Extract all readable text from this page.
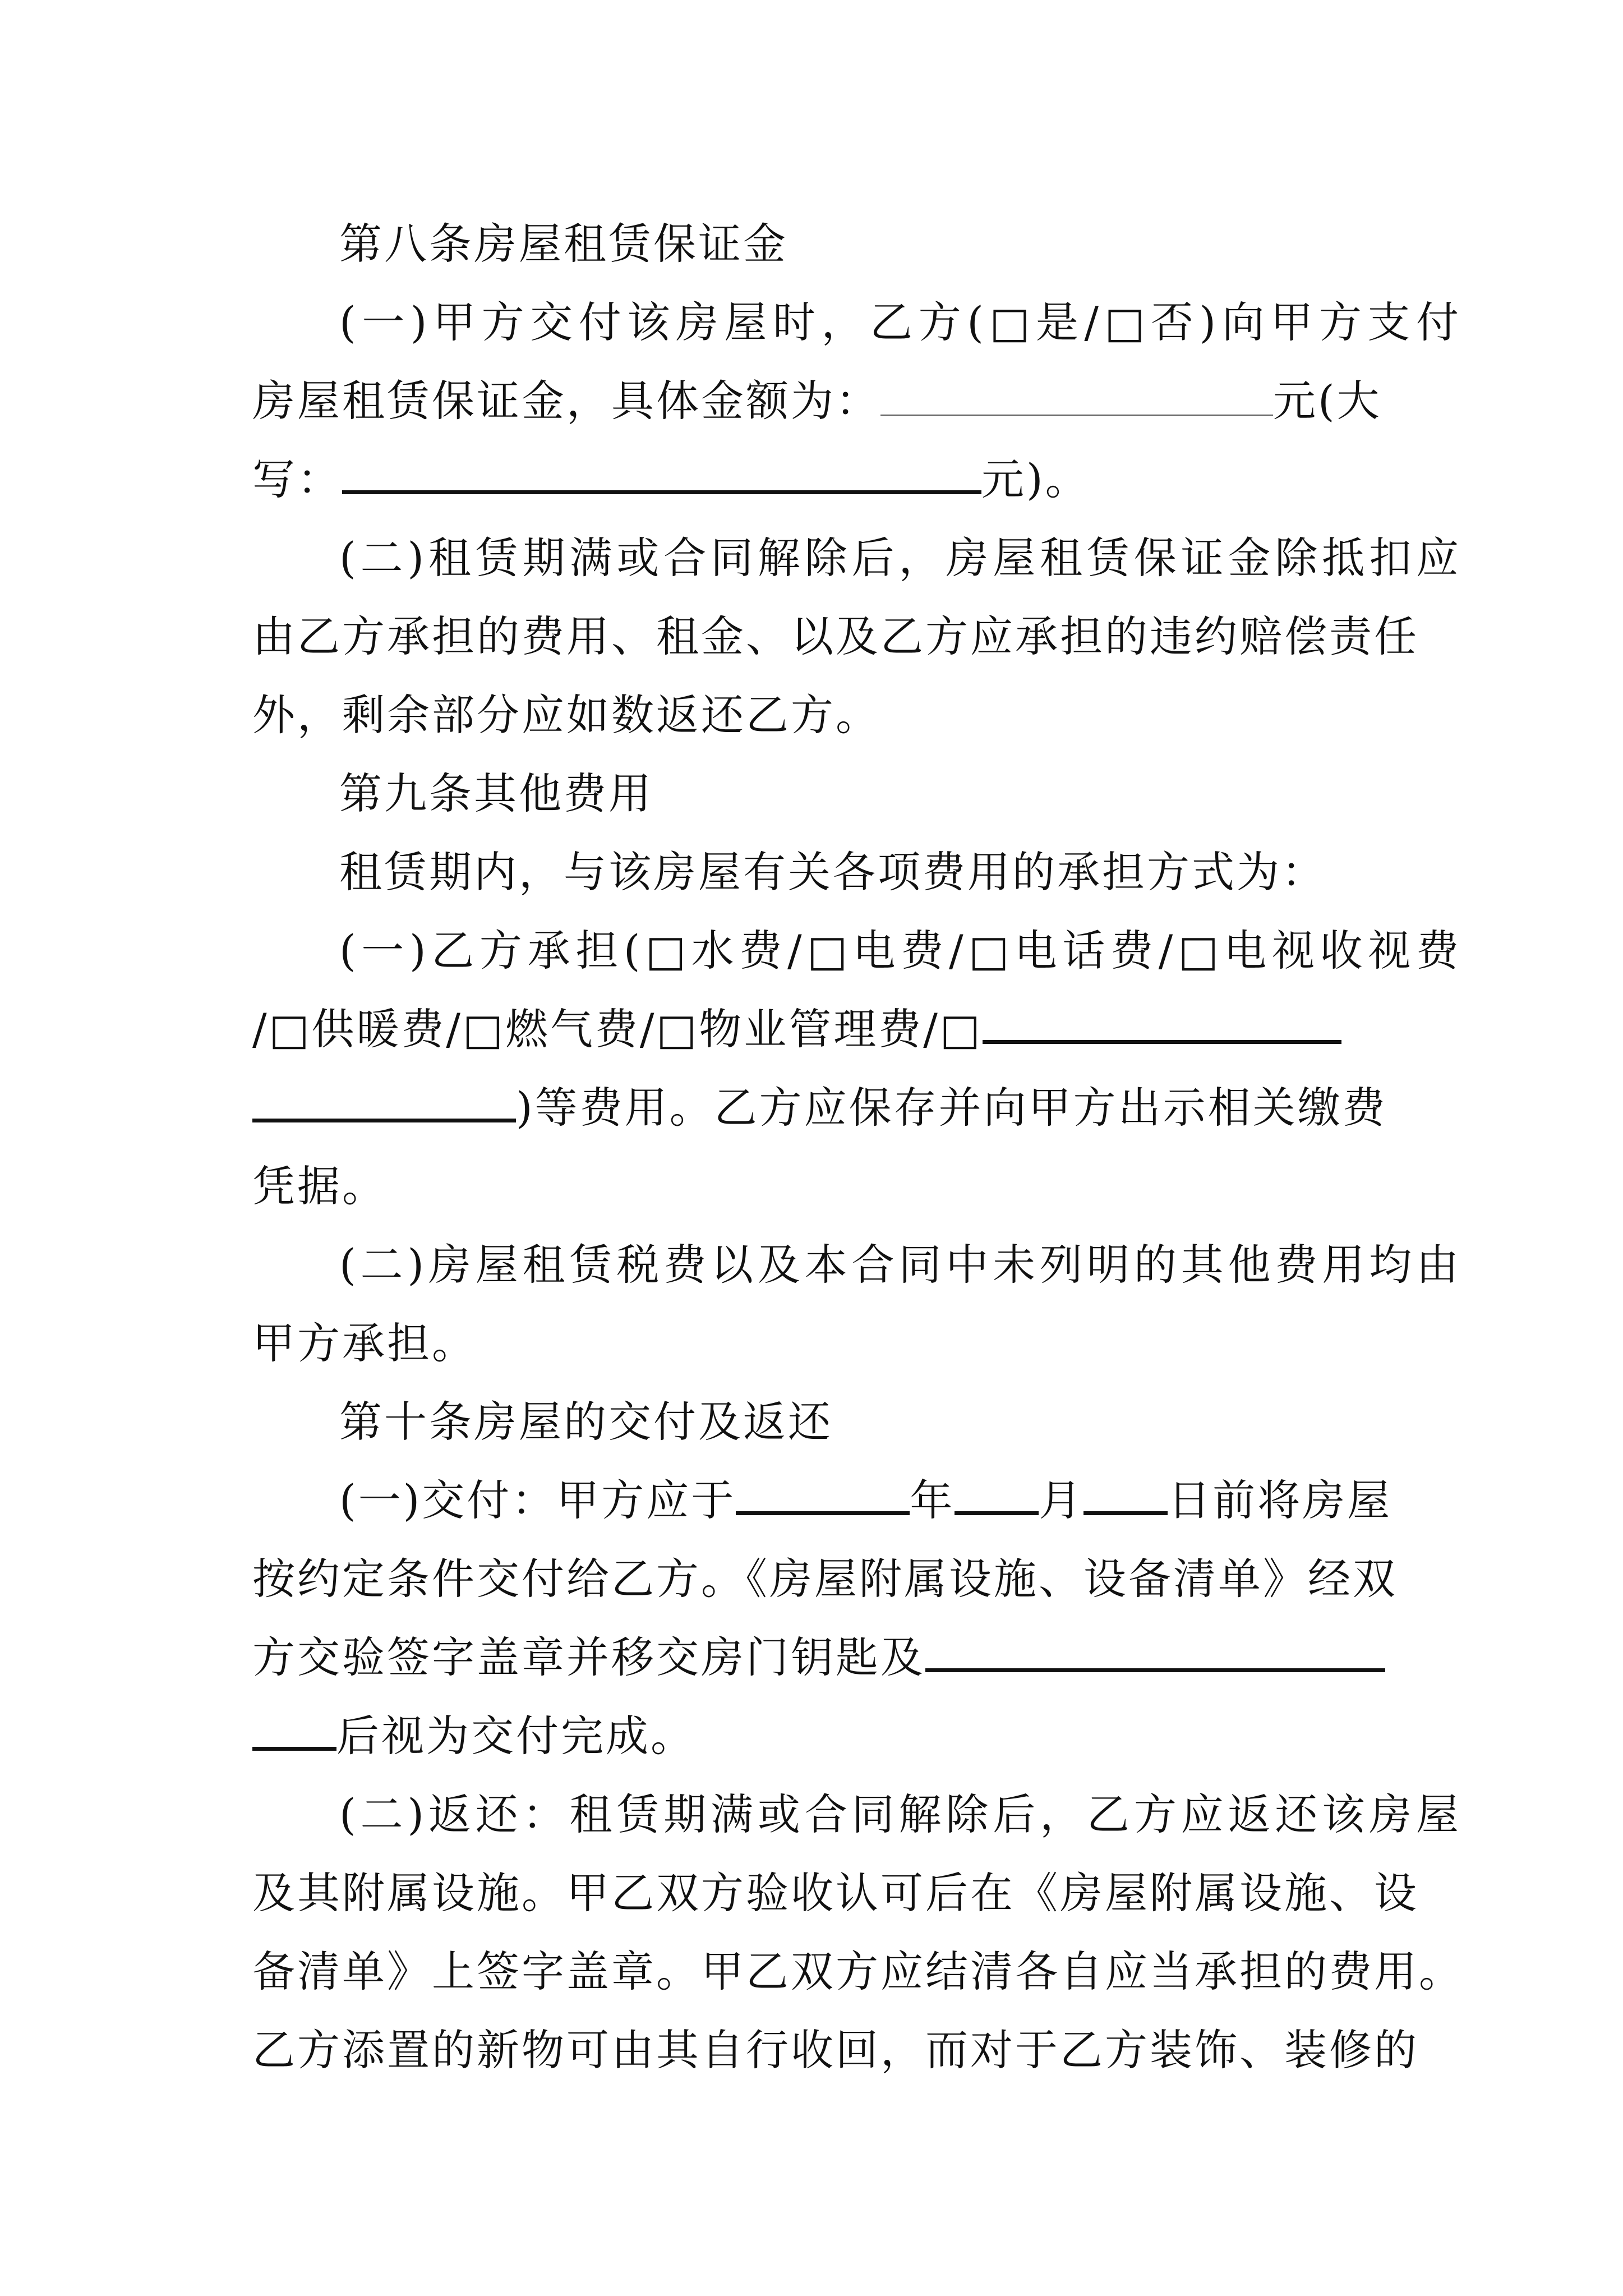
第八条房屋租赁保证金
(一)甲方交付该房屋时，乙方(□是/□否)向甲方支付
房屋租赁保证金，具体金额为：	元(大
写：	元)。
(二)租赁期满或合同解除后，房屋租赁保证金除抵扣应
由乙方承担的费用、租金、以及乙方应承担的违约赔偿责任
外，剩余部分应如数返还乙方。
第九条其他费用
租赁期内，与该房屋有关各项费用的承担方式为：
(一)乙方承担(□水费/□电费/□电话费/□电视收视费
/□供暖费/□燃气费/□物业管理费/□
)等费用。乙方应保存并向甲方出示相关缴费
凭据。
(二)房屋租赁税费以及本合同中未列明的其他费用均由
甲方承担。
第十条房屋的交付及返还
(一)交付：甲方应于	年 月 日前将房屋
按约定条件交付给乙方。《房屋附属设施、设备清单》经双
方交验签字盖章并移交房门钥匙及
后视为交付完成。
(二)返还：租赁期满或合同解除后，乙方应返还该房屋
及其附属设施。甲乙双方验收认可后在《房屋附属设施、设
备清单》上签字盖章。甲乙双方应结清各自应当承担的费用。
乙方添置的新物可由其自行收回，而对于乙方装饰、装修的
